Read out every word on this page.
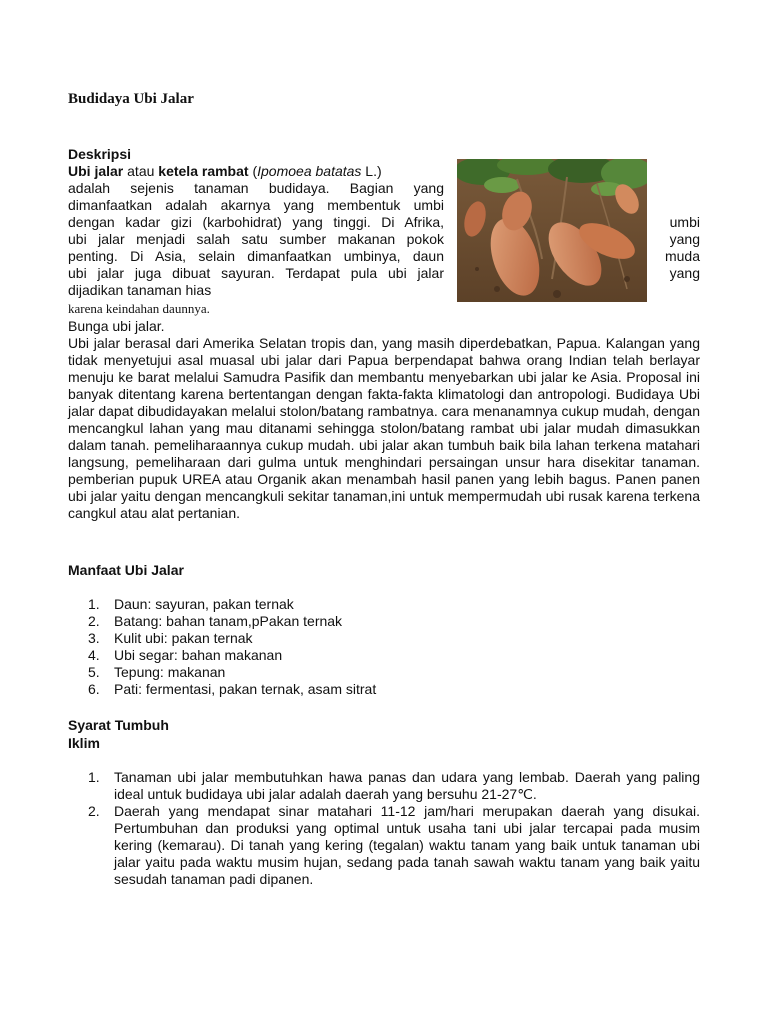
Budidaya Ubi Jalar
Deskripsi
Ubi jalar atau ketela rambat (Ipomoea batatas L.)
adalah sejenis tanaman budidaya. Bagian yang
dimanfaatkan adalah akarnya yang membentuk umbi
dengan kadar gizi (karbohidrat) yang tinggi. Di Afrika,
ubi jalar menjadi salah satu sumber makanan pokok
penting. Di Asia, selain dimanfaatkan umbinya, daun
ubi jalar juga dibuat sayuran. Terdapat pula ubi jalar
dijadikan tanaman hias
umbi
yang
muda
yang
karena keindahan daunnya.
Bunga ubi jalar.
Ubi jalar berasal dari Amerika Selatan tropis dan, yang masih diperdebatkan, Papua. Kalangan yang tidak menyetujui asal muasal ubi jalar dari Papua berpendapat bahwa orang Indian telah berlayar menuju ke barat melalui Samudra Pasifik dan membantu menyebarkan ubi jalar ke Asia. Proposal ini banyak ditentang karena bertentangan dengan fakta-fakta klimatologi dan antropologi. Budidaya Ubi jalar dapat dibudidayakan melalui stolon/batang rambatnya. cara menanamnya cukup mudah, dengan mencangkul lahan yang mau ditanami sehingga stolon/batang rambat ubi jalar mudah dimasukkan dalam tanah. pemeliharaannya cukup mudah. ubi jalar akan tumbuh baik bila lahan terkena matahari langsung, pemeliharaan dari gulma untuk menghindari persaingan unsur hara disekitar tanaman. pemberian pupuk UREA atau Organik akan menambah hasil panen yang lebih bagus. Panen panen ubi jalar yaitu dengan mencangkuli sekitar tanaman,ini untuk mempermudah ubi rusak karena terkena cangkul atau alat pertanian.
Manfaat Ubi Jalar
1. Daun: sayuran, pakan ternak
2. Batang: bahan tanam,pPakan ternak
3. Kulit ubi: pakan ternak
4. Ubi segar: bahan makanan
5. Tepung: makanan
6. Pati: fermentasi, pakan ternak, asam sitrat
Syarat Tumbuh
Iklim
1. Tanaman ubi jalar membutuhkan hawa panas dan udara yang lembab. Daerah yang paling ideal untuk budidaya ubi jalar adalah daerah yang bersuhu 21-27℃.
2. Daerah yang mendapat sinar matahari 11-12 jam/hari merupakan daerah yang disukai. Pertumbuhan dan produksi yang optimal untuk usaha tani ubi jalar tercapai pada musim kering (kemarau). Di tanah yang kering (tegalan) waktu tanam yang baik untuk tanaman ubi jalar yaitu pada waktu musim hujan, sedang pada tanah sawah waktu tanam yang baik yaitu sesudah tanaman padi dipanen.
